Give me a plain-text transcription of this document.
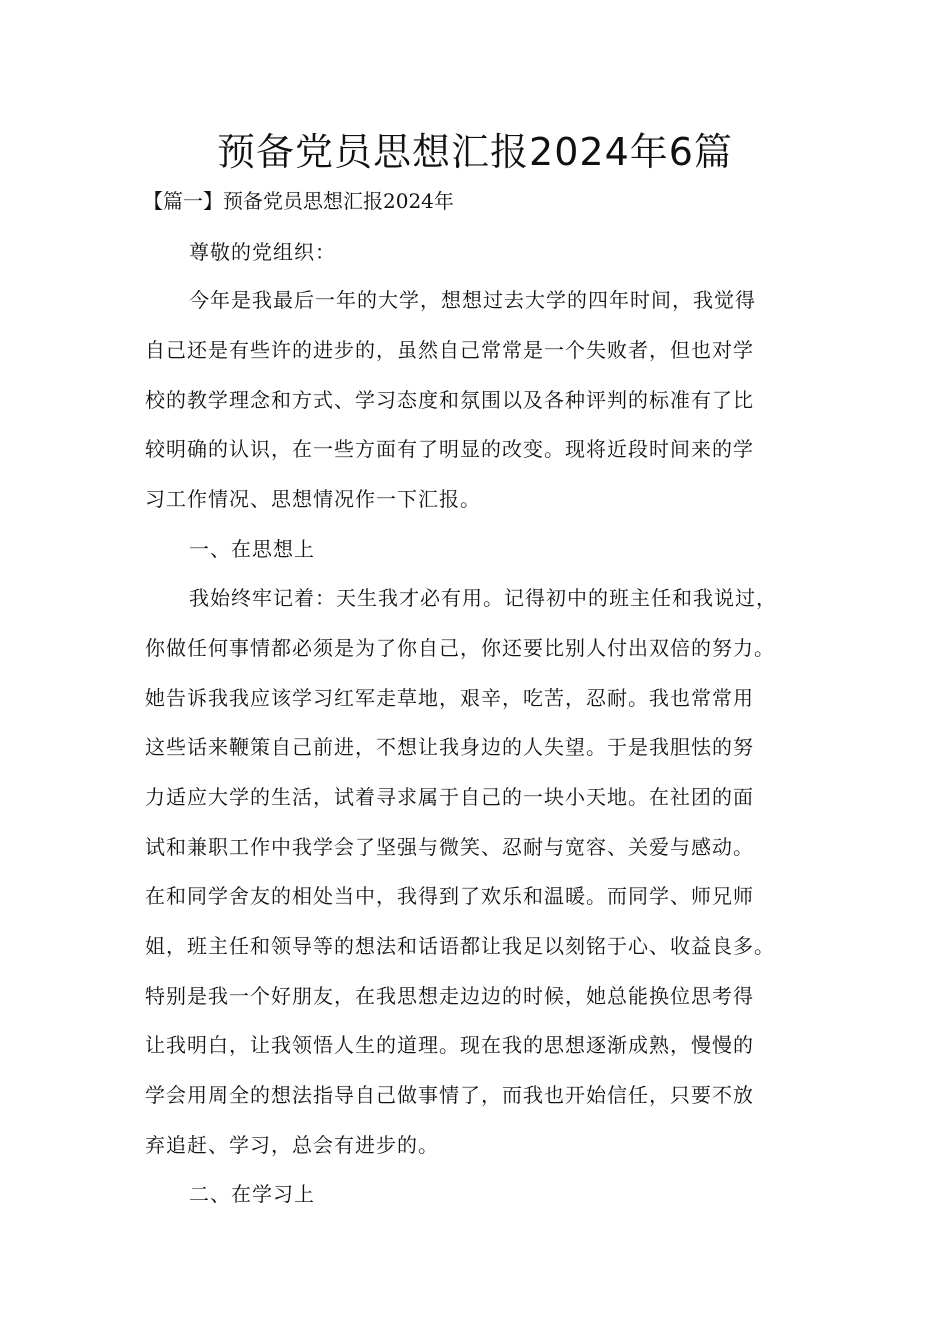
预备党员思想汇报2024年6篇
【篇一】预备党员思想汇报2024年
尊敬的党组织：
今年是我最后一年的大学，想想过去大学的四年时间，我觉得
自己还是有些许的进步的，虽然自己常常是一个失败者，但也对学
校的教学理念和方式、学习态度和氛围以及各种评判的标准有了比
较明确的认识，在一些方面有了明显的改变。现将近段时间来的学
习工作情况、思想情况作一下汇报。
一、在思想上
我始终牢记着：天生我才必有用。记得初中的班主任和我说过，
你做任何事情都必须是为了你自己，你还要比别人付出双倍的努力。
她告诉我我应该学习红军走草地，艰辛，吃苦，忍耐。我也常常用
这些话来鞭策自己前进，不想让我身边的人失望。于是我胆怯的努
力适应大学的生活，试着寻求属于自己的一块小天地。在社团的面
试和兼职工作中我学会了坚强与微笑、忍耐与宽容、关爱与感动。
在和同学舍友的相处当中，我得到了欢乐和温暖。而同学、师兄师
姐，班主任和领导等的想法和话语都让我足以刻铭于心、收益良多。
特别是我一个好朋友，在我思想走边边的时候，她总能换位思考得
让我明白，让我领悟人生的道理。现在我的思想逐渐成熟，慢慢的
学会用周全的想法指导自己做事情了，而我也开始信任，只要不放
弃追赶、学习，总会有进步的。
二、在学习上
